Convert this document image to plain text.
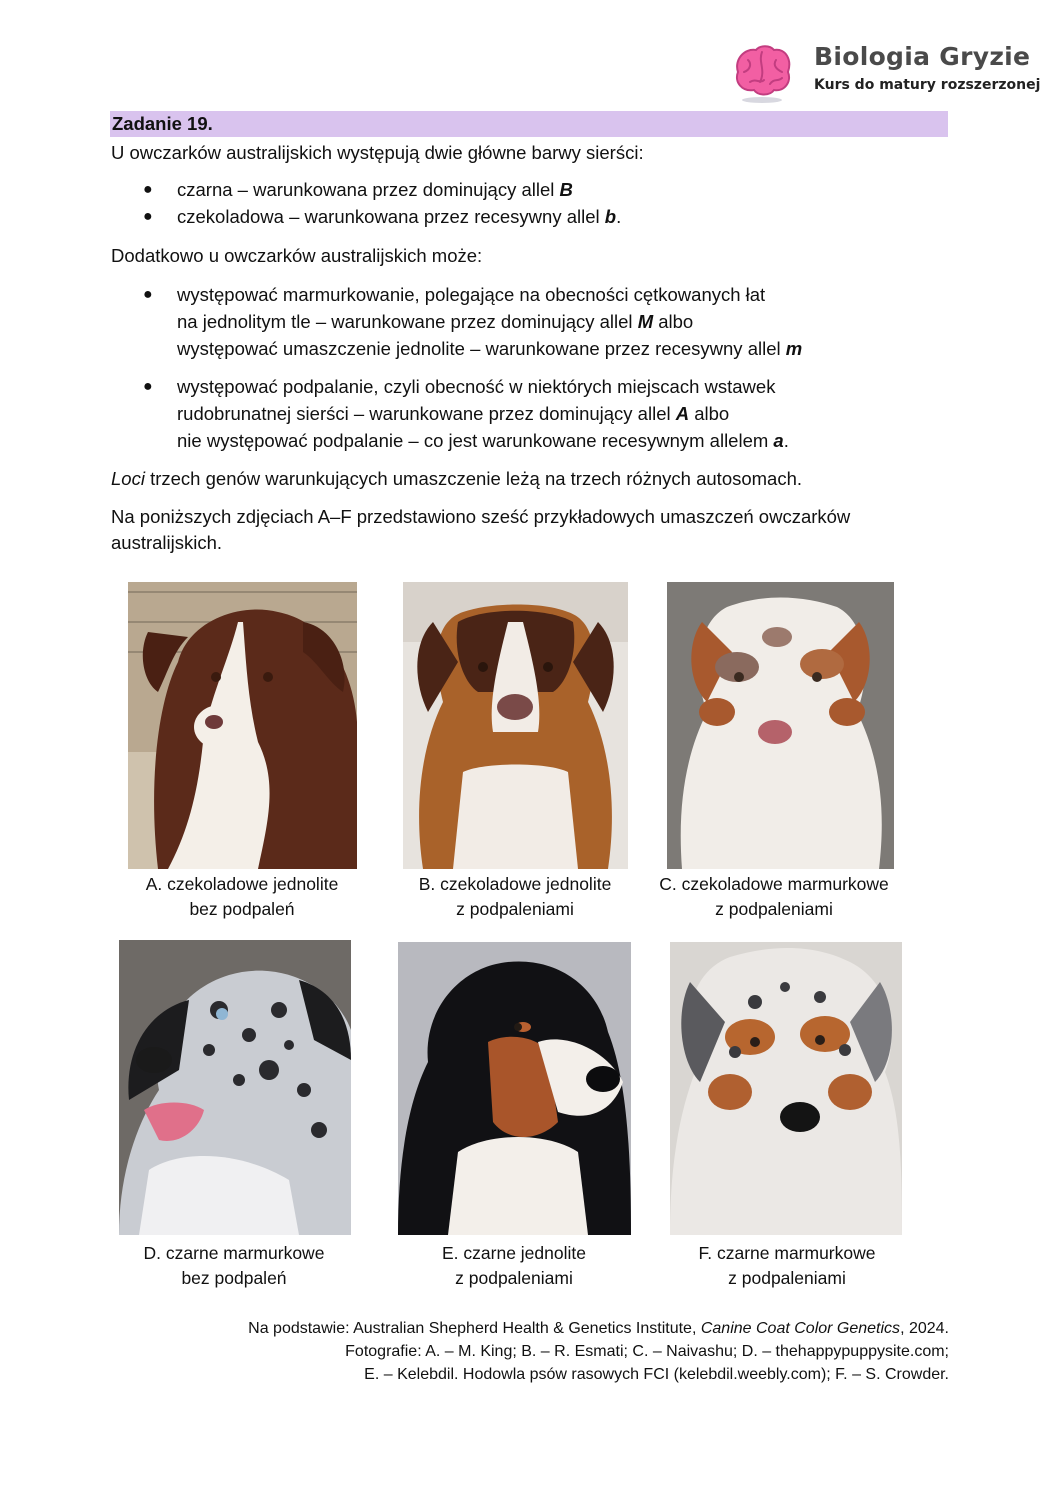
Biologia Gryzie
Kurs do matury rozszerzonej
Zadanie 19.
U owczarków australijskich występują dwie główne barwy sierści:
● czarna – warunkowana przez dominujący allel B
● czekoladowa – warunkowana przez recesywny allel b.
Dodatkowo u owczarków australijskich może:
● występować marmurkowanie, polegające na obecności cętkowanych łat
na jednolitym tle – warunkowane przez dominujący allel M albo
występować umaszczenie jednolite – warunkowane przez recesywny allel m
● występować podpalanie, czyli obecność w niektórych miejscach wstawek
rudobrunatnej sierści – warunkowane przez dominujący allel A albo
nie występować podpalanie – co jest warunkowane recesywnym allelem a.
Loci trzech genów warunkujących umaszczenie leżą na trzech różnych autosomach.
Na poniższych zdjęciach A–F przedstawiono sześć przykładowych umaszczeń owczarków
australijskich.
A. czekoladowe jednolite
bez podpaleń
B. czekoladowe jednolite
z podpaleniami
C. czekoladowe marmurkowe
z podpaleniami
D. czarne marmurkowe
bez podpaleń
E. czarne jednolite
z podpaleniami
F. czarne marmurkowe
z podpaleniami
Na podstawie: Australian Shepherd Health & Genetics Institute, Canine Coat Color Genetics, 2024.
Fotografie: A. – M. King; B. – R. Esmati; C. – Naivashu; D. – thehappypuppysite.com;
E. – Kelebdil. Hodowla psów rasowych FCI (kelebdil.weebly.com); F. – S. Crowder.
